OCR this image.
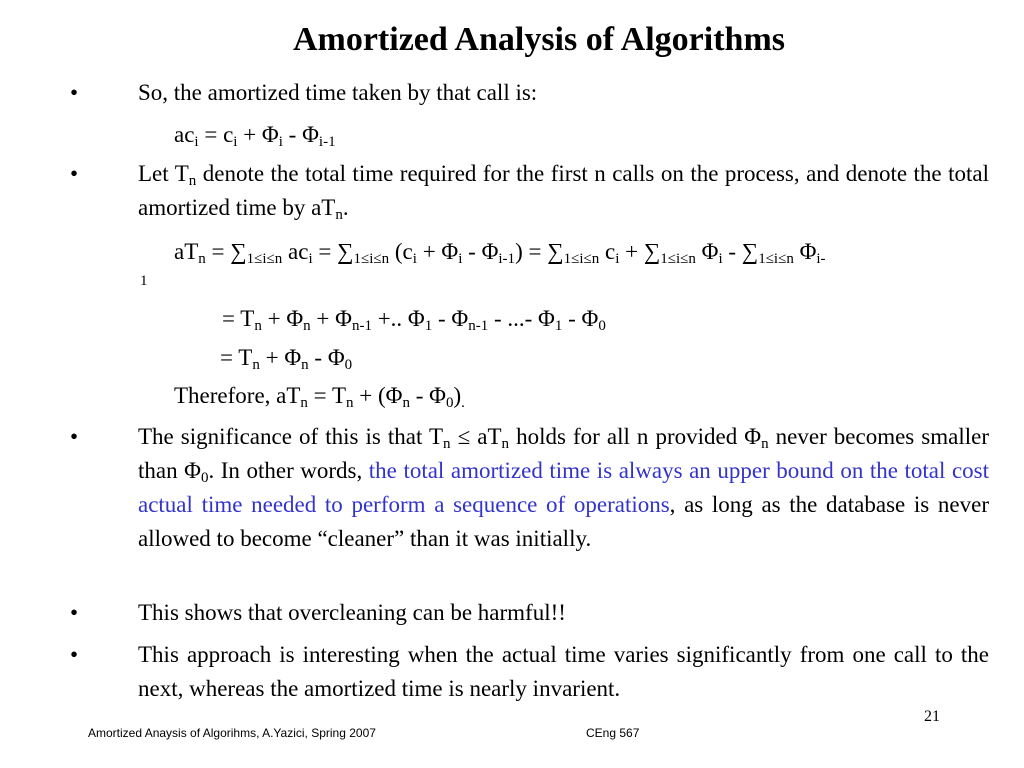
Amortized Analysis of Algorithms
•	So, the amortized time taken by that call is:
$ac_i = c_i + \Phi_i - \Phi_{i-1}$
•	Let $T_n$ denote the total time required for the first n calls on the process, and denote the total amortized time by $aT_n$.
$aT_n = \sum_{1\le i\le n}$ $ac_i = \sum_{1\le i\le n}$ $(c_i + \Phi_i - \Phi_{i-1}) = \sum_{1\le i\le n}$ $c_i + \sum_{1\le i\le n}$ $\Phi_i - \sum_{1\le i\le n}$ $\Phi_{i-}$
1
= $T_n + \Phi_n + \Phi_{n-1}$ +.. $\Phi_1 - \Phi_{n-1}$ - ...- $\Phi_1 - \Phi_0$
= $T_n + \Phi_n - \Phi_0$
Therefore, $aT_n = T_n + (\Phi_n - \Phi_0)_.$
•	The significance of this is that $T_n \le aT_n$ holds for all n provided $\Phi_n$ never becomes smaller than $\Phi_0$. In other words, the total amortized time is always an upper bound on the total cost actual time needed to perform a sequence of operations, as long as the database is never allowed to become “cleaner” than it was initially.
•	This shows that overcleaning can be harmful!!
•	This approach is interesting when the actual time varies significantly from one call to the next, whereas the amortized time is nearly invarient.
21
Amortized Anaysis of Algorihms, A.Yazici, Spring 2007	CEng 567
